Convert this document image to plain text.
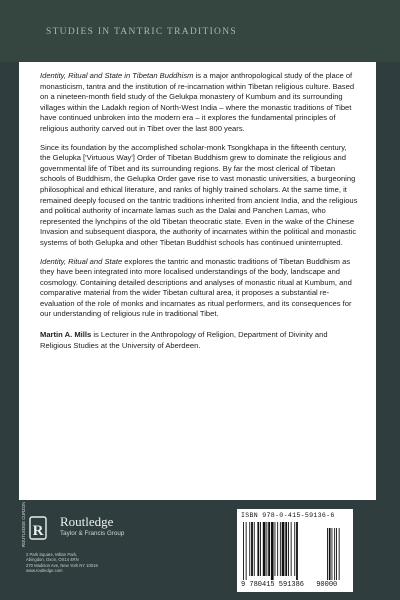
STUDIES IN TANTRIC TRADITIONS

Identity, Ritual and State in Tibetan Buddhism is a major anthropological study of the place of monasticism, tantra and the institution of re-incarnation within Tibetan religious culture. Based on a nineteen-month field study of the Gelukpa monastery of Kumbum and its surrounding villages within the Ladakh region of North-West India – where the monastic traditions of Tibet have continued unbroken into the modern era – it explores the fundamental principles of religious authority carved out in Tibet over the last 800 years.

Since its foundation by the accomplished scholar-monk Tsongkhapa in the fifteenth century, the Gelupka ['Virtuous Way'] Order of Tibetan Buddhism grew to dominate the religious and governmental life of Tibet and its surrounding regions. By far the most clerical of Tibetan schools of Buddhism, the Gelupka Order gave rise to vast monastic universities, a burgeoning philosophical and ethical literature, and ranks of highly trained scholars. At the same time, it remained deeply focused on the tantric traditions inherited from ancient India, and the religious and political authority of incarnate lamas such as the Dalai and Panchen Lamas, who represented the lynchpins of the old Tibetan theocratic state. Even in the wake of the Chinese Invasion and subsequent diaspora, the authority of incarnates within the political and monastic systems of both Gelupka and other Tibetan Buddhist schools has continued uninterrupted.

Identity, Ritual and State explores the tantric and monastic traditions of Tibetan Buddhism as they have been integrated into more localised understandings of the body, landscape and cosmology. Containing detailed descriptions and analyses of monastic ritual at Kumbum, and comparative material from the wider Tibetan cultural area, it proposes a substantial re-evaluation of the role of monks and incarnates as ritual performers, and its consequences for our understanding of religious rule in traditional Tibet.

Martin A. Mills is Lecturer in the Anthropology of Religion, Department of Divinity and Religious Studies at the University of Aberdeen.

ROUTLEDGE CURZON R
Routledge
Taylor & Francis Group
2 Park Square, Milton Park,
Abingdon, Oxon, OX14 4RN
270 Madison Ave, New York NY 10016
www.routledge.com
ISBN 978-0-415-59136-6
9 780415 591386 90000
